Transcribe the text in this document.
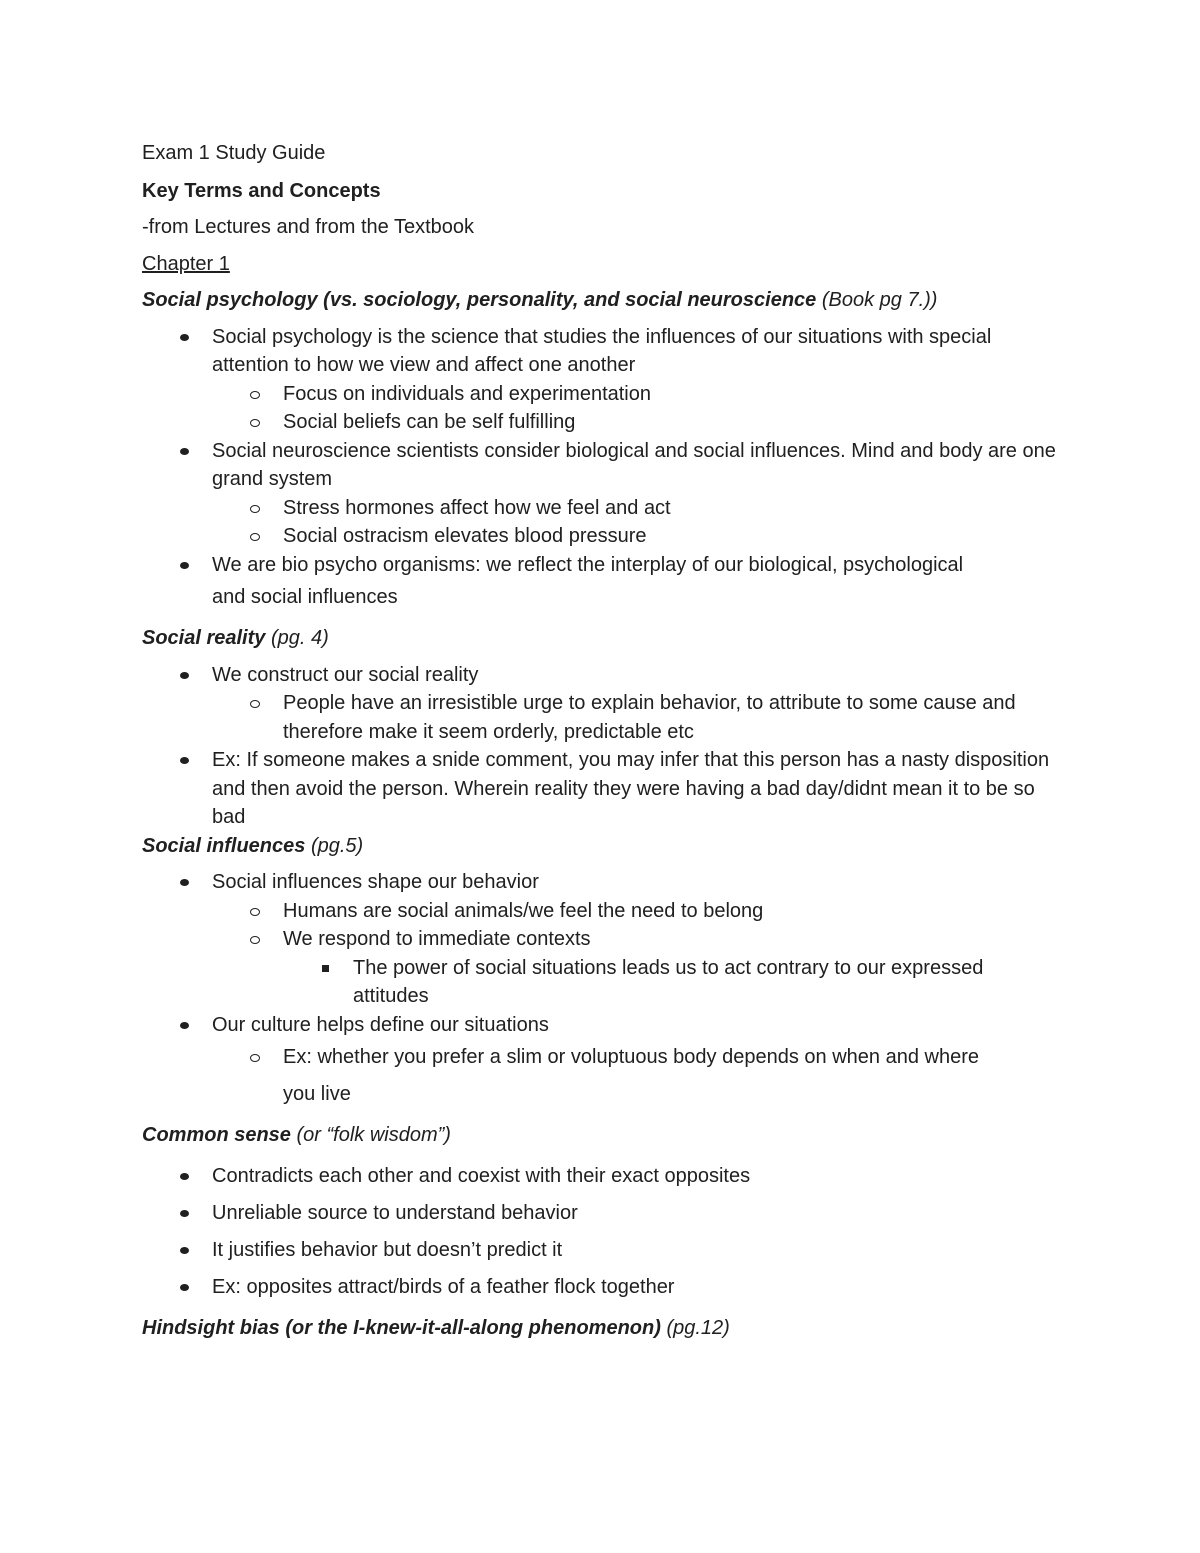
Exam 1 Study Guide

Key Terms and Concepts

-from Lectures and from the Textbook

Chapter 1

Social psychology (vs. sociology, personality, and social neuroscience (Book pg 7.))

Social psychology is the science that studies the influences of our situations with special attention to how we view and affect one another
Focus on individuals and experimentation
Social beliefs can be self fulfilling
Social neuroscience scientists consider biological and social influences. Mind and body are one grand system
Stress hormones affect how we feel and act
Social ostracism elevates blood pressure
We are bio psycho organisms: we reflect the interplay of our biological, psychological
and social influences

Social reality (pg. 4)

We construct our social reality
People have an irresistible urge to explain behavior, to attribute to some cause and therefore make it seem orderly, predictable etc
Ex: If someone makes a snide comment, you may infer that this person has a nasty disposition and then avoid the person. Wherein reality they were having a bad day/didnt mean it to be so bad

Social influences (pg.5)

Social influences shape our behavior
Humans are social animals/we feel the need to belong
We respond to immediate contexts
The power of social situations leads us to act contrary to our expressed attitudes
Our culture helps define our situations
Ex: whether you prefer a slim or voluptuous body depends on when and where
you live

Common sense (or “folk wisdom”)

Contradicts each other and coexist with their exact opposites
Unreliable source to understand behavior
It justifies behavior but doesn’t predict it
Ex: opposites attract/birds of a feather flock together

Hindsight bias (or the I-knew-it-all-along phenomenon) (pg.12)
